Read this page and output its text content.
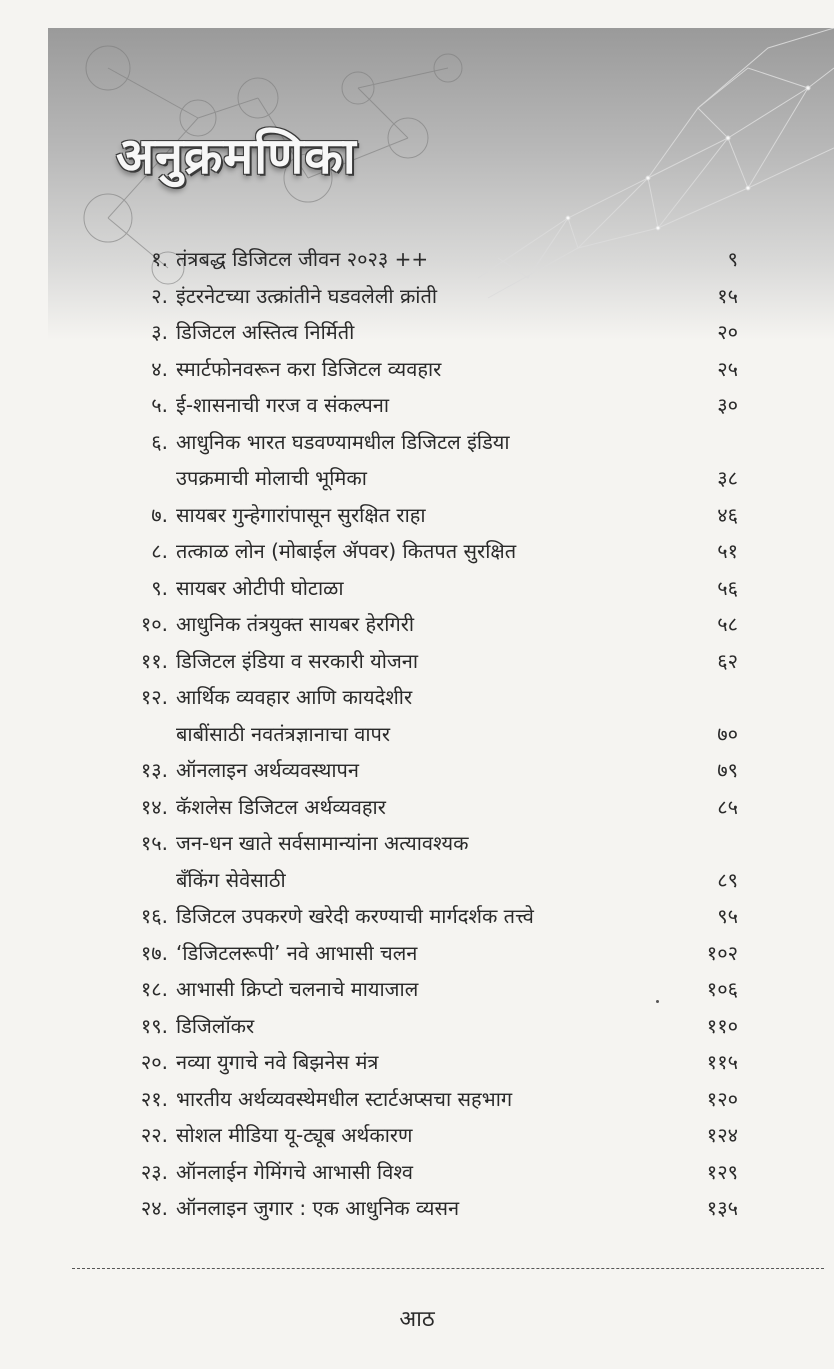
अनुक्रमणिका
१. तंत्रबद्ध डिजिटल जीवन २०२३ ++	९
२. इंटरनेटच्या उत्क्रांतीने घडवलेली क्रांती	१५
३. डिजिटल अस्तित्व निर्मिती	२०
४. स्मार्टफोनवरून करा डिजिटल व्यवहार	२५
५. ई-शासनाची गरज व संकल्पना	३०
६. आधुनिक भारत घडवण्यामधील डिजिटल इंडिया
उपक्रमाची मोलाची भूमिका	३८
७. सायबर गुन्हेगारांपासून सुरक्षित राहा	४६
८. तत्काळ लोन (मोबाईल ॲपवर) कितपत सुरक्षित	५१
९. सायबर ओटीपी घोटाळा	५६
१०. आधुनिक तंत्रयुक्त सायबर हेरगिरी	५८
११. डिजिटल इंडिया व सरकारी योजना	६२
१२. आर्थिक व्यवहार आणि कायदेशीर
बाबींसाठी नवतंत्रज्ञानाचा वापर	७०
१३. ऑनलाइन अर्थव्यवस्थापन	७९
१४. कॅशलेस डिजिटल अर्थव्यवहार	८५
१५. जन-धन खाते सर्वसामान्यांना अत्यावश्यक
बँकिंग सेवेसाठी	८९
१६. डिजिटल उपकरणे खरेदी करण्याची मार्गदर्शक तत्त्वे	९५
१७. ‘डिजिटलरूपी’ नवे आभासी चलन	१०२
१८. आभासी क्रिप्टो चलनाचे मायाजाल	१०६
१९. डिजिलॉकर	११०
२०. नव्या युगाचे नवे बिझनेस मंत्र	११५
२१. भारतीय अर्थव्यवस्थेमधील स्टार्टअप्सचा सहभाग	१२०
२२. सोशल मीडिया यू-ट्यूब अर्थकारण	१२४
२३. ऑनलाईन गेमिंगचे आभासी विश्व	१२९
२४. ऑनलाइन जुगार : एक आधुनिक व्यसन	१३५
आठ
